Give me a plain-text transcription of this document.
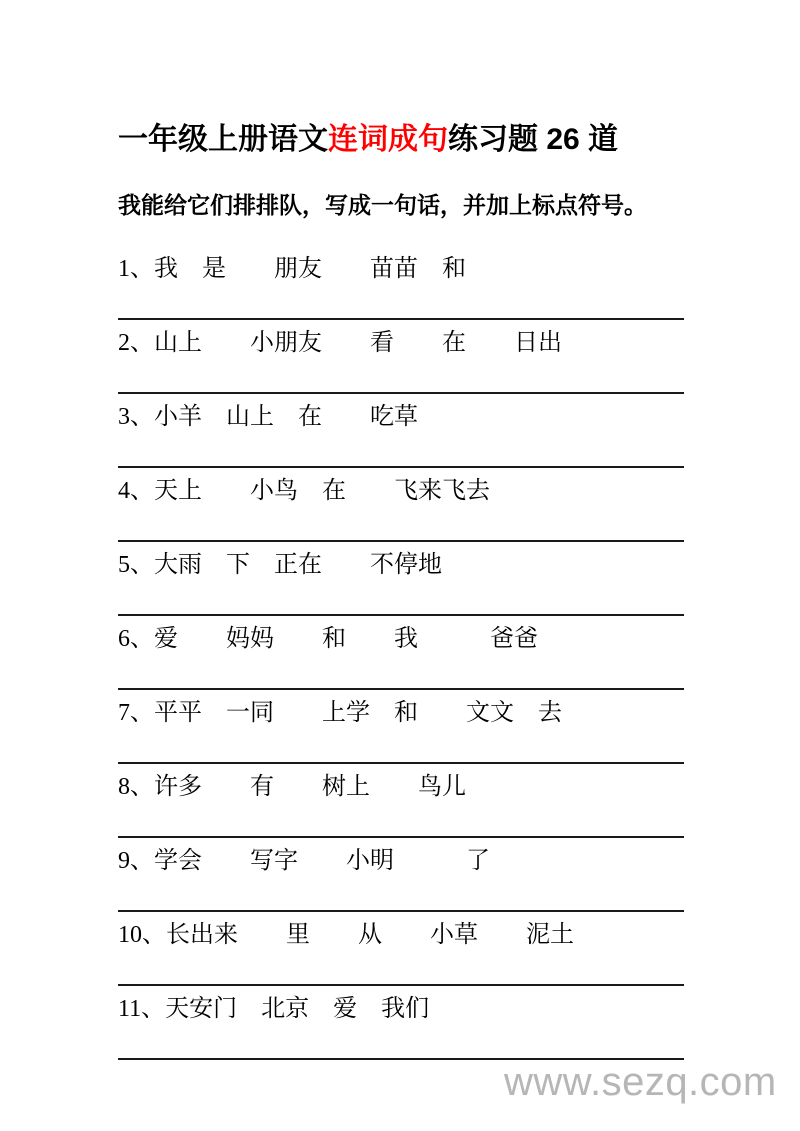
一年级上册语文连词成句练习题 26 道

我能给它们排排队，写成一句话，并加上标点符号。

1、我　是　　朋友　　苗苗　和
2、山上　　小朋友　　看　　在　　日出
3、小羊　山上　在　　吃草
4、天上　　小鸟　在　　飞来飞去
5、大雨　下　正在　　不停地
6、爱　　妈妈　　和　　我　　　爸爸
7、平平　一同　　上学　和　　文文　去
8、许多　　有　　树上　　鸟儿
9、学会　　写字　　小明　　　了
10、长出来　　里　　从　　小草　　泥土
11、天安门　北京　爱　我们
www.sezq.com
